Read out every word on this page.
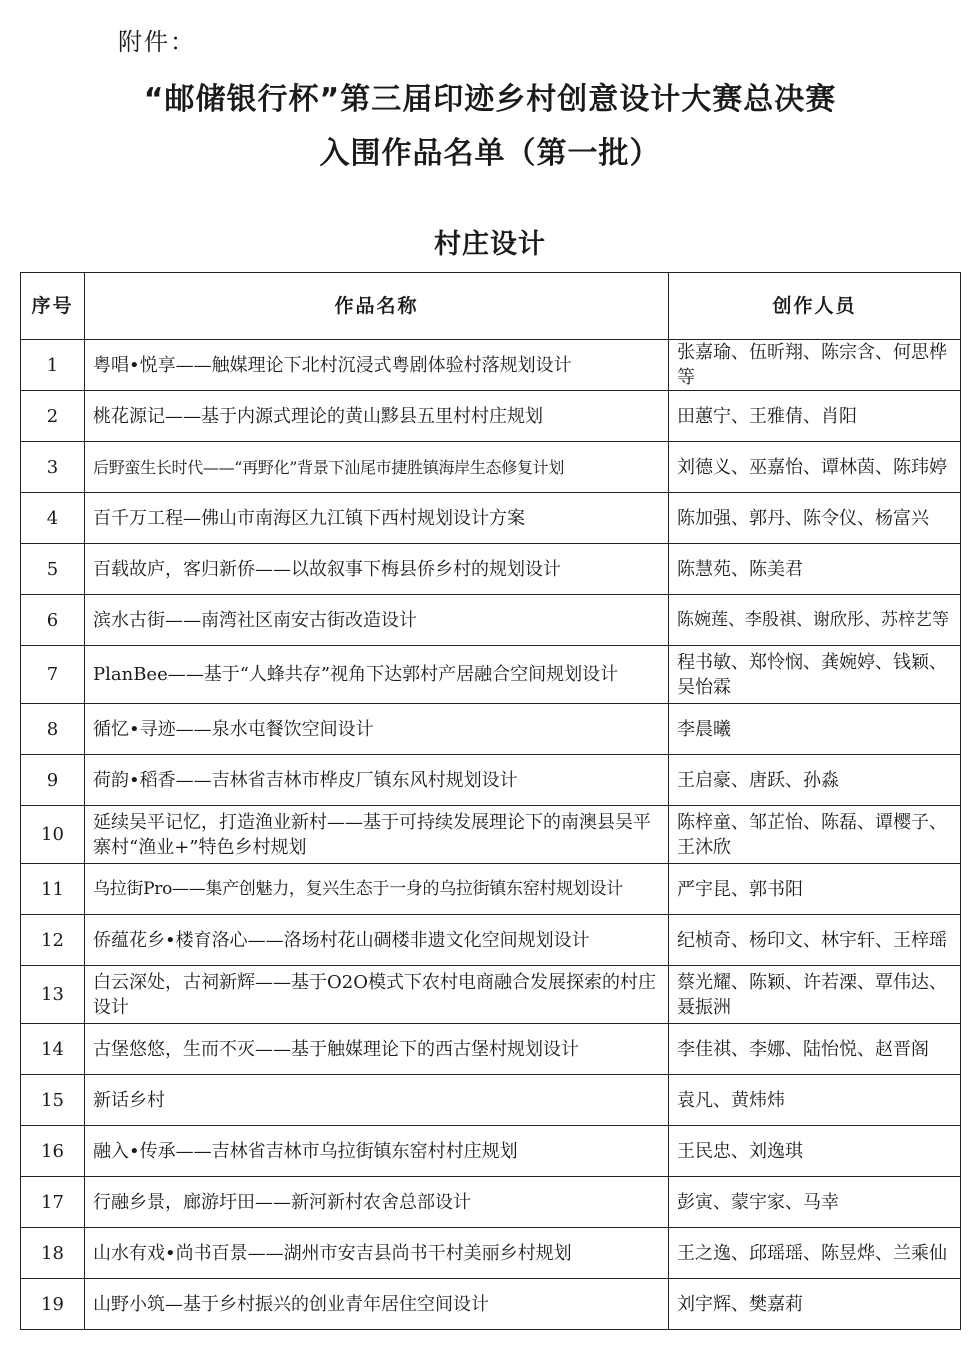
附件：
“邮储银行杯”第三届印迹乡村创意设计大赛总决赛
入围作品名单（第一批）
村庄设计
序号	作品名称	创作人员
1	粤唱•悦享——触媒理论下北村沉浸式粤剧体验村落规划设计	张嘉瑜、伍昕翔、陈宗含、何思桦等
2	桃花源记——基于内源式理论的黄山黟县五里村村庄规划	田蕙宁、王雅倩、肖阳
3	后野蛮生长时代——“再野化”背景下汕尾市捷胜镇海岸生态修复计划	刘德义、巫嘉怡、谭林茵、陈玮婷
4	百千万工程—佛山市南海区九江镇下西村规划设计方案	陈加强、郭丹、陈令仪、杨富兴
5	百载故庐，客归新侨——以故叙事下梅县侨乡村的规划设计	陈慧苑、陈美君
6	滨水古街——南湾社区南安古街改造设计	陈婉莲、李殷祺、谢欣彤、苏梓艺等
7	PlanBee——基于“人蜂共存”视角下达郭村产居融合空间规划设计	程书敏、郑怜悯、龚婉婷、钱颖、吴怡霖
8	循忆•寻迹——泉水屯餐饮空间设计	李晨曦
9	荷韵•稻香——吉林省吉林市桦皮厂镇东风村规划设计	王启豪、唐跃、孙淼
10	延续吴平记忆，打造渔业新村——基于可持续发展理论下的南澳县吴平寨村“渔业+”特色乡村规划	陈梓童、邹芷怡、陈磊、谭樱子、王沐欣
11	乌拉街Pro——集产创魅力，复兴生态于一身的乌拉街镇东窑村规划设计	严宇昆、郭书阳
12	侨蕴花乡•楼育洛心——洛场村花山碉楼非遗文化空间规划设计	纪桢奇、杨印文、林宇轩、王梓瑶
13	白云深处，古祠新辉——基于O2O模式下农村电商融合发展探索的村庄设计	蔡光耀、陈颖、许若溧、覃伟达、聂振洲
14	古堡悠悠，生而不灭——基于触媒理论下的西古堡村规划设计	李佳祺、李娜、陆怡悦、赵晋阁
15	新话乡村	袁凡、黄炜炜
16	融入•传承——吉林省吉林市乌拉街镇东窑村村庄规划	王民忠、刘逸琪
17	行融乡景，廊游圩田——新河新村农舍总部设计	彭寅、蒙宇家、马幸
18	山水有戏•尚书百景——湖州市安吉县尚书干村美丽乡村规划	王之逸、邱瑶瑶、陈昱烨、兰乘仙
19	山野小筑—基于乡村振兴的创业青年居住空间设计	刘宇辉、樊嘉莉
